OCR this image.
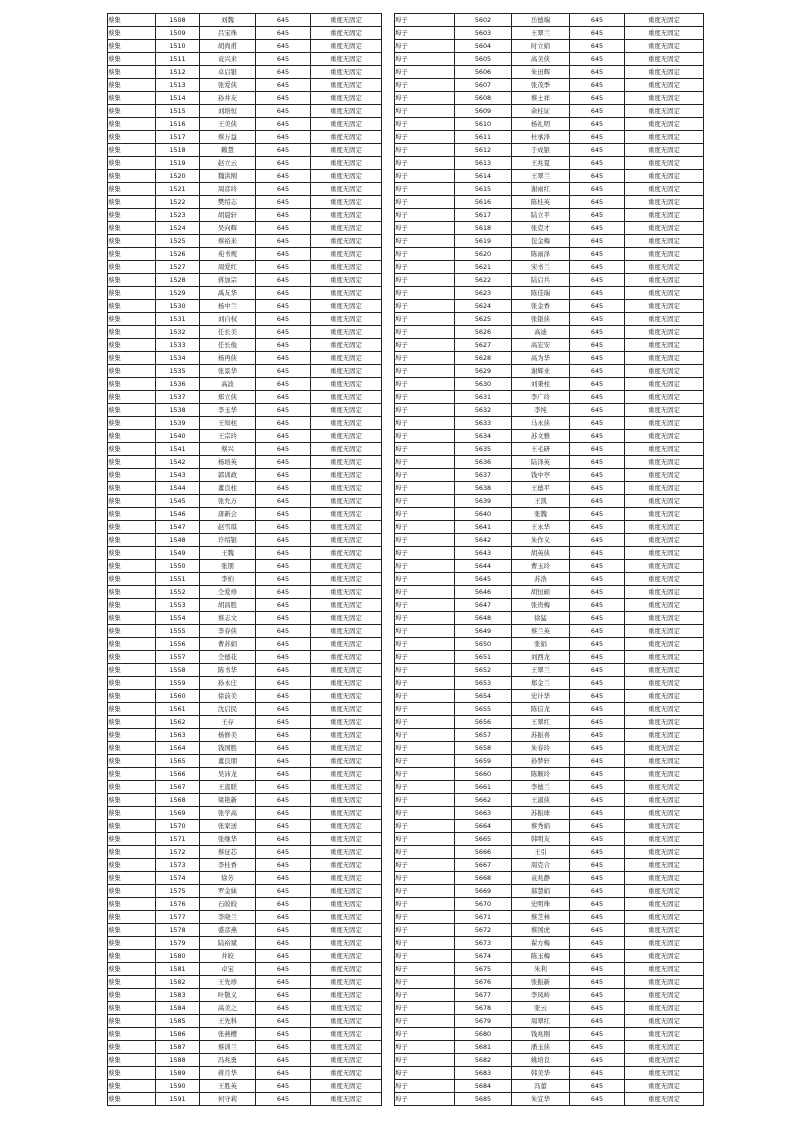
蔡集	1508	刘魏	645	重度无固定
蔡集	1509	吕宝珠	645	重度无固定
蔡集	1510	胡尚甫	645	重度无固定
蔡集	1511	袁兴来	645	重度无固定
蔡集	1512	卓启银	645	重度无固定
蔡集	1513	张爱侠	645	重度无固定
蔡集	1514	孙井友	645	重度无固定
蔡集	1515	刘培恒	645	重度无固定
蔡集	1516	王美侠	645	重度无固定
蔡集	1517	蔡万益	645	重度无固定
蔡集	1518	赖慧	645	重度无固定
蔡集	1519	赵立云	645	重度无固定
蔡集	1520	魏洪刚	645	重度无固定
蔡集	1521	周彦玲	645	重度无固定
蔡集	1522	樊绍志	645	重度无固定
蔡集	1523	胡晨轩	645	重度无固定
蔡集	1524	吴向辉	645	重度无固定
蔡集	1525	蔡裕来	645	重度无固定
蔡集	1526	苑书规	645	重度无固定
蔡集	1527	周爱红	645	重度无固定
蔡集	1528	蒋加宗	645	重度无固定
蔡集	1529	禹友华	645	重度无固定
蔡集	1530	杨中兰	645	重度无固定
蔡集	1531	刘自权	645	重度无固定
蔡集	1532	任长美	645	重度无固定
蔡集	1533	任长俊	645	重度无固定
蔡集	1534	杨再侠	645	重度无固定
蔡集	1535	张景华	645	重度无固定
蔡集	1536	高波	645	重度无固定
蔡集	1537	郑立侠	645	重度无固定
蔡集	1538	李玉华	645	重度无固定
蔡集	1539	王知柱	645	重度无固定
蔡集	1540	王宗玲	645	重度无固定
蔡集	1541	蔡兴	645	重度无固定
蔡集	1542	杨培英	645	重度无固定
蔡集	1543	郭训政	645	重度无固定
蔡集	1544	董良柱	645	重度无固定
蔡集	1545	张允万	645	重度无固定
蔡集	1546	唐新会	645	重度无固定
蔡集	1547	赵雪琪	645	重度无固定
蔡集	1548	许绍银	645	重度无固定
蔡集	1549	王魏	645	重度无固定
蔡集	1550	张朋	645	重度无固定
蔡集	1551	李柏	645	重度无固定
蔡集	1552	仝爱珍	645	重度无固定
蔡集	1553	胡昌胜	645	重度无固定
蔡集	1554	蔡志文	645	重度无固定
蔡集	1555	李春侠	645	重度无固定
蔡集	1556	曹苏娟	645	重度无固定
蔡集	1557	仝德花	645	重度无固定
蔡集	1558	陈书华	645	重度无固定
蔡集	1559	孙永庄	645	重度无固定
蔡集	1560	徐前美	645	重度无固定
蔡集	1561	沈启民	645	重度无固定
蔡集	1562	王存	645	重度无固定
蔡集	1563	杨修美	645	重度无固定
蔡集	1564	钱国胜	645	重度无固定
蔡集	1565	董良朋	645	重度无固定
蔡集	1566	吴沛龙	645	重度无固定
蔡集	1567	王直联	645	重度无固定
蔡集	1568	梁艳新	645	重度无固定
蔡集	1569	张学高	645	重度无固定
蔡集	1570	张家送	645	重度无固定
蔡集	1571	张继华	645	重度无固定
蔡集	1572	蔡征芯	645	重度无固定
蔡集	1573	李桂香	645	重度无固定
蔡集	1574	徐芳	645	重度无固定
蔡集	1575	罗金妹	645	重度无固定
蔡集	1576	石皎皎	645	重度无固定
蔡集	1577	李晓兰	645	重度无固定
蔡集	1578	盛彦燕	645	重度无固定
蔡集	1579	陆裕斌	645	重度无固定
蔡集	1580	井皎	645	重度无固定
蔡集	1581	卓宝	645	重度无固定
蔡集	1582	王先珍	645	重度无固定
蔡集	1583	叶敬义	645	重度无固定
蔡集	1584	高美之	645	重度无固定
蔡集	1585	王先科	645	重度无固定
蔡集	1586	张燕樱	645	重度无固定
蔡集	1587	蔡训兰	645	重度无固定
蔡集	1588	冯兆勇	645	重度无固定
蔡集	1589	蒋月华	645	重度无固定
蔡集	1590	王胜英	645	重度无固定
蔡集	1591	何守莉	645	重度无固定
埠子	5602	岳德端	645	重度无固定
埠子	5603	王翠兰	645	重度无固定
埠子	5604	时立娟	645	重度无固定
埠子	5605	高美侠	645	重度无固定
埠子	5606	朱田辉	645	重度无固定
埠子	5607	张茂季	645	重度无固定
埠子	5608	蔡士祥	645	重度无固定
埠子	5609	余桂证	645	重度无固定
埠子	5610	杨礼明	645	重度无固定
埠子	5611	杜承泽	645	重度无固定
埠子	5612	于成银	645	重度无固定
埠子	5613	王兆夏	645	重度无固定
埠子	5614	王翠兰	645	重度无固定
埠子	5615	谢雨红	645	重度无固定
埠子	5616	陈桂英	645	重度无固定
埠子	5617	陆立平	645	重度无固定
埠子	5618	张克才	645	重度无固定
埠子	5619	包金梅	645	重度无固定
埠子	5620	陈雨泽	645	重度无固定
埠子	5621	宋书兰	645	重度无固定
埠子	5622	陆启兵	645	重度无固定
埠子	5623	陈佳瑞	645	重度无固定
埠子	5624	张金香	645	重度无固定
埠子	5625	张银侠	645	重度无固定
埠子	5626	高迪	645	重度无固定
埠子	5627	高宏安	645	重度无固定
埠子	5628	高为华	645	重度无固定
埠子	5629	谢辉业	645	重度无固定
埠子	5630	刘秉柱	645	重度无固定
埠子	5631	李广玲	645	重度无固定
埠子	5632	李纯	645	重度无固定
埠子	5633	马永侠	645	重度无固定
埠子	5634	苏文雅	645	重度无固定
埠子	5635	王毛研	645	重度无固定
埠子	5636	陆泽英	645	重度无固定
埠子	5637	钱中亭	645	重度无固定
埠子	5638	王德平	645	重度无固定
埠子	5639	王凯	645	重度无固定
埠子	5640	张魏	645	重度无固定
埠子	5641	王永华	645	重度无固定
埠子	5642	朱作义	645	重度无固定
埠子	5643	胡英侠	645	重度无固定
埠子	5644	曹玉玲	645	重度无固定
埠子	5645	苏浩	645	重度无固定
埠子	5646	胡恒硕	645	重度无固定
埠子	5647	张贵梅	645	重度无固定
埠子	5648	徐猛	645	重度无固定
埠子	5649	蔡兰英	645	重度无固定
埠子	5650	张娟	645	重度无固定
埠子	5651	刘西龙	645	重度无固定
埠子	5652	王翠兰	645	重度无固定
埠子	5653	郑金兰	645	重度无固定
埠子	5654	史计华	645	重度无固定
埠子	5655	陈信龙	645	重度无固定
埠子	5656	王翠红	645	重度无固定
埠子	5657	苏振喜	645	重度无固定
埠子	5658	朱春玲	645	重度无固定
埠子	5659	孙梦轩	645	重度无固定
埠子	5660	陈顺玲	645	重度无固定
埠子	5661	李德兰	645	重度无固定
埠子	5662	王淑侠	645	重度无固定
埠子	5663	苏振球	645	重度无固定
埠子	5664	蔡秀娟	645	重度无固定
埠子	5665	韩明友	645	重度无固定
埠子	5666	王引	645	重度无固定
埠子	5667	周克合	645	重度无固定
埠子	5668	袁兆静	645	重度无固定
埠子	5669	郝慧娟	645	重度无固定
埠子	5670	史明珠	645	重度无固定
埠子	5671	蔡芝林	645	重度无固定
埠子	5672	蔡国虎	645	重度无固定
埠子	5673	翟方梅	645	重度无固定
埠子	5674	陈玉梅	645	重度无固定
埠子	5675	朱利	645	重度无固定
埠子	5676	张振新	645	重度无固定
埠子	5677	李凤岭	645	重度无固定
埠子	5678	张云	645	重度无固定
埠子	5679	周翠红	645	重度无固定
埠子	5680	钱兆刚	645	重度无固定
埠子	5681	潘玉侠	645	重度无固定
埠子	5682	姚培良	645	重度无固定
埠子	5683	韩美华	645	重度无固定
埠子	5684	冯蕾	645	重度无固定
埠子	5685	朱宜华	645	重度无固定
